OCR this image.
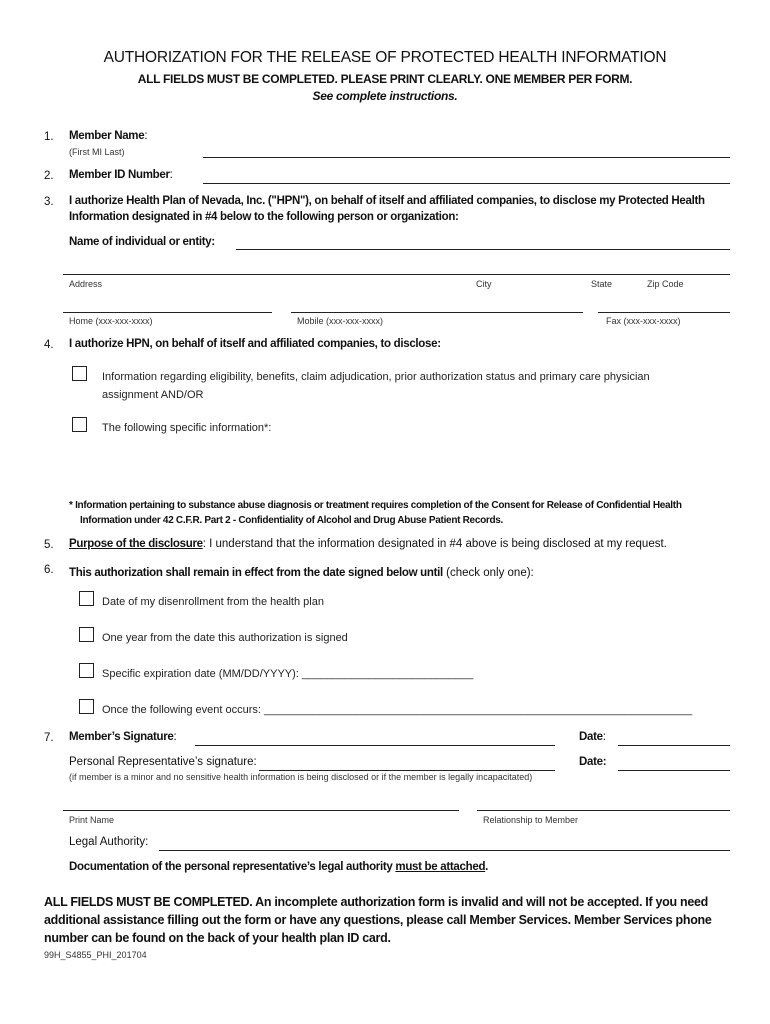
AUTHORIZATION FOR THE RELEASE OF PROTECTED HEALTH INFORMATION
ALL FIELDS MUST BE COMPLETED. PLEASE PRINT CLEARLY. ONE MEMBER PER FORM.
See complete instructions.
1. Member Name:
(First MI Last)
2. Member ID Number:
3. I authorize Health Plan of Nevada, Inc. ("HPN"), on behalf of itself and affiliated companies, to disclose my Protected Health
Information designated in #4 below to the following person or organization:
Name of individual or entity:
Address	City	State	Zip Code
Home (xxx-xxx-xxxx)	Mobile (xxx-xxx-xxxx)	Fax (xxx-xxx-xxxx)
4. I authorize HPN, on behalf of itself and affiliated companies, to disclose:
Information regarding eligibility, benefits, claim adjudication, prior authorization status and primary care physician
assignment AND/OR
The following specific information*:
* Information pertaining to substance abuse diagnosis or treatment requires completion of the Consent for Release of Confidential Health
Information under 42 C.F.R. Part 2 - Confidentiality of Alcohol and Drug Abuse Patient Records.
5. Purpose of the disclosure: I understand that the information designated in #4 above is being disclosed at my request.
6. This authorization shall remain in effect from the date signed below until (check only one):
Date of my disenrollment from the health plan
One year from the date this authorization is signed
Specific expiration date (MM/DD/YYYY): ____________________________
Once the following event occurs: ______________________________________________________________________
7. Member’s Signature:	Date:
Personal Representative’s signature:	Date:
(if member is a minor and no sensitive health information is being disclosed or if the member is legally incapacitated)
Print Name	Relationship to Member
Legal Authority:
Documentation of the personal representative’s legal authority must be attached.
ALL FIELDS MUST BE COMPLETED. An incomplete authorization form is invalid and will not be accepted. If you need
additional assistance filling out the form or have any questions, please call Member Services. Member Services phone
number can be found on the back of your health plan ID card.
99H_S4855_PHI_201704
